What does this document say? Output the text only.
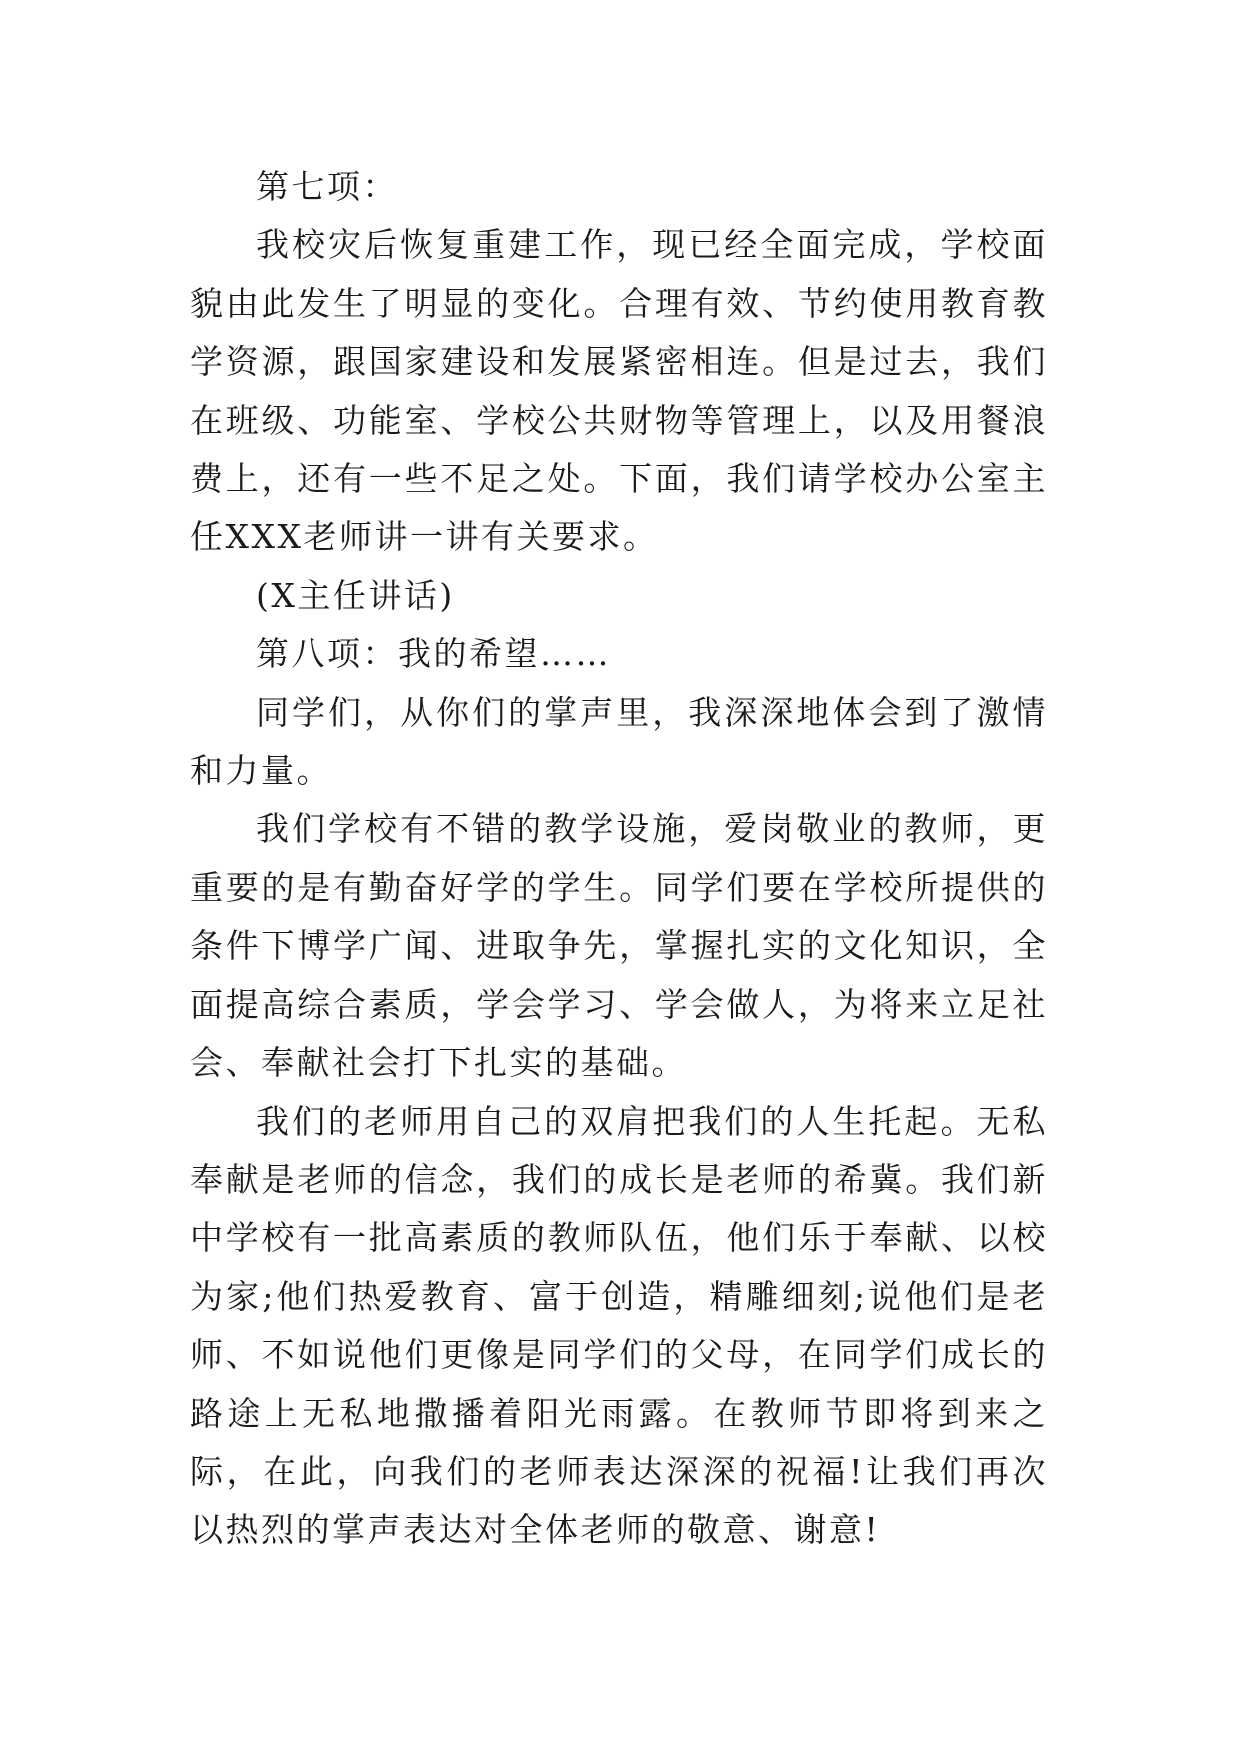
第七项：

我校灾后恢复重建工作，现已经全面完成，学校面貌由此发生了明显的变化。合理有效、节约使用教育教学资源，跟国家建设和发展紧密相连。但是过去，我们在班级、功能室、学校公共财物等管理上，以及用餐浪费上，还有一些不足之处。下面，我们请学校办公室主任XXX老师讲一讲有关要求。

(X主任讲话)

第八项：我的希望……

同学们，从你们的掌声里，我深深地体会到了激情和力量。

我们学校有不错的教学设施，爱岗敬业的教师，更重要的是有勤奋好学的学生。同学们要在学校所提供的条件下博学广闻、进取争先，掌握扎实的文化知识，全面提高综合素质，学会学习、学会做人，为将来立足社会、奉献社会打下扎实的基础。

我们的老师用自己的双肩把我们的人生托起。无私奉献是老师的信念，我们的成长是老师的希冀。我们新中学校有一批高素质的教师队伍，他们乐于奉献、以校为家;他们热爱教育、富于创造，精雕细刻;说他们是老师、不如说他们更像是同学们的父母，在同学们成长的路途上无私地撒播着阳光雨露。在教师节即将到来之际，在此，向我们的老师表达深深的祝福!让我们再次以热烈的掌声表达对全体老师的敬意、谢意!
